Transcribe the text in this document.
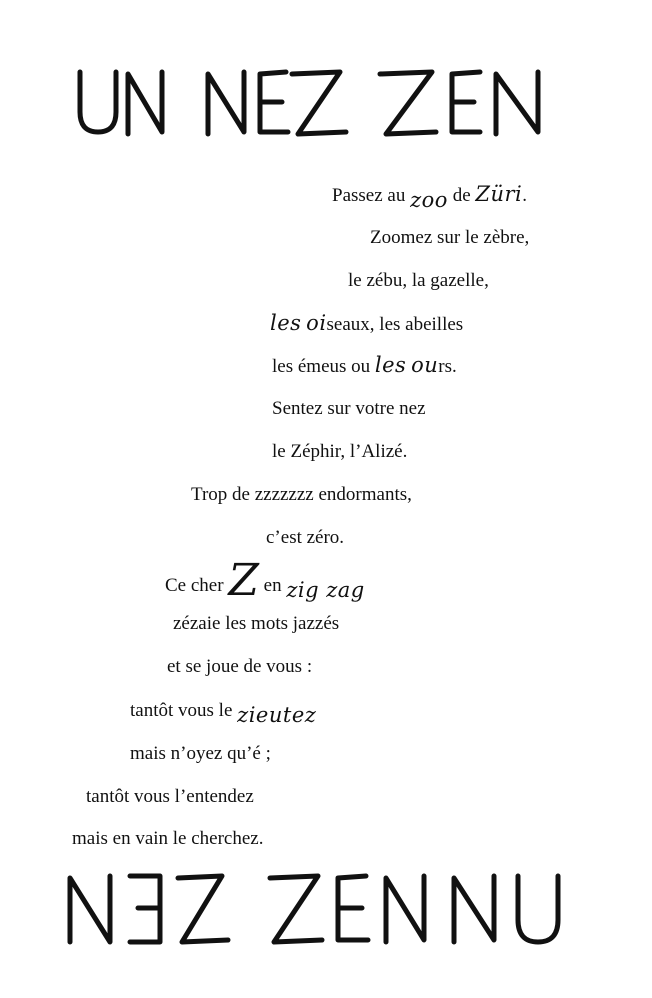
Passez au zoo de Züri.
Zoomez sur le zèbre,
le zébu, la gazelle,
les oiseaux, les abeilles
les émeus ou les ours.
Sentez sur votre nez
le Zéphir, l’Alizé.
Trop de zzzzzzz endormants,
c’est zéro.
Ce cher Z en zig zag
zézaie les mots jazzés
et se joue de vous :
tantôt vous le zieutez
mais n’oyez qu’é ;
tantôt vous l’entendez
mais en vain le cherchez.
